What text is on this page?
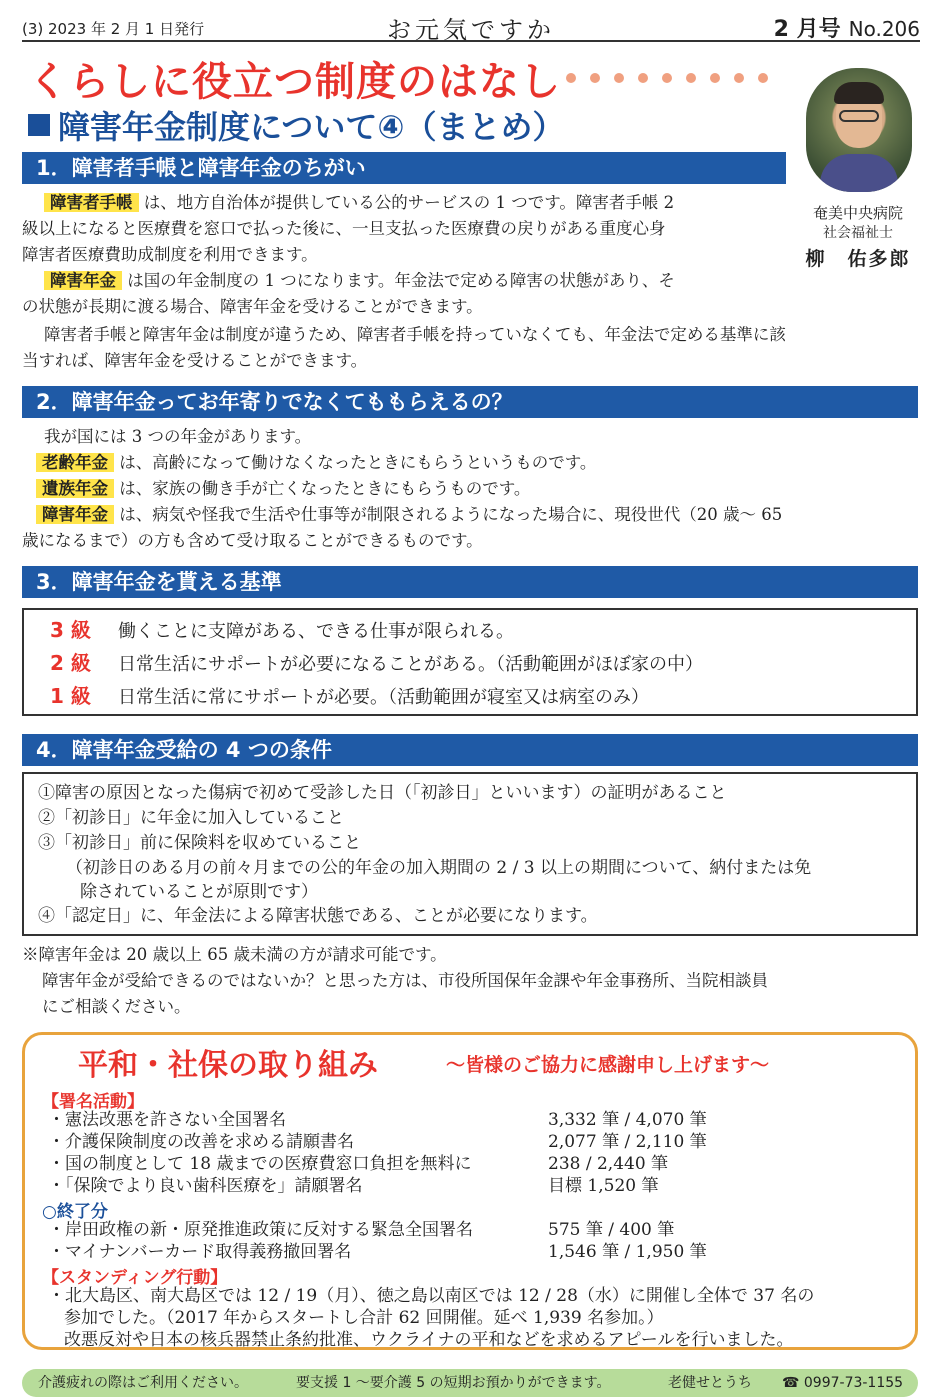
(3) 2023 年 2 月 1 日発行	お元気ですか	2 月号 No.206
くらしに役立つ制度のはなし
障害年金制度について④（まとめ）
奄美中央病院
社会福祉士
柳　佑多郎
1．障害者手帳と障害年金のちがい
障害者手帳 は、地方自治体が提供している公的サービスの 1 つです。障害者手帳 2
級以上になると医療費を窓口で払った後に、一旦支払った医療費の戻りがある重度心身
障害者医療費助成制度を利用できます。
障害年金 は国の年金制度の 1 つになります。年金法で定める障害の状態があり、そ
の状態が長期に渡る場合、障害年金を受けることができます。
障害者手帳と障害年金は制度が違うため、障害者手帳を持っていなくても、年金法で定める基準に該
当すれば、障害年金を受けることができます。
2．障害年金ってお年寄りでなくてももらえるの？
我が国には 3 つの年金があります。
老齢年金 は、高齢になって働けなくなったときにもらうというものです。
遺族年金 は、家族の働き手が亡くなったときにもらうものです。
障害年金 は、病気や怪我で生活や仕事等が制限されるようになった場合に、現役世代（20 歳～ 65
歳になるまで）の方も含めて受け取ることができるものです。
3．障害年金を貰える基準
3 級 働くことに支障がある、できる仕事が限られる。
2 級 日常生活にサポートが必要になることがある。（活動範囲がほぼ家の中）
1 級 日常生活に常にサポートが必要。（活動範囲が寝室又は病室のみ）
4．障害年金受給の 4 つの条件
①障害の原因となった傷病で初めて受診した日（「初診日」といいます）の証明があること
②「初診日」に年金に加入していること
③「初診日」前に保険料を収めていること
（初診日のある月の前々月までの公的年金の加入期間の 2 / 3 以上の期間について、納付または免
除されていることが原則です）
④「認定日」に、年金法による障害状態である、ことが必要になります。
※障害年金は 20 歳以上 65 歳未満の方が請求可能です。
障害年金が受給できるのではないか？と思った方は、市役所国保年金課や年金事務所、当院相談員
にご相談ください。
平和・社保の取り組み	～皆様のご協力に感謝申し上げます～
【署名活動】
・憲法改悪を許さない全国署名	3,332 筆 / 4,070 筆
・介護保険制度の改善を求める請願書名	2,077 筆 / 2,110 筆
・国の制度として 18 歳までの医療費窓口負担を無料に	238 / 2,440 筆
・「保険でより良い歯科医療を」請願署名	目標 1,520 筆
○終了分
・岸田政権の新・原発推進政策に反対する緊急全国署名	575 筆 / 400 筆
・マイナンバーカード取得義務撤回署名	1,546 筆 / 1,950 筆
【スタンディング行動】
・北大島区、南大島区では 12 / 19（月）、徳之島以南区では 12 / 28（水）に開催し全体で 37 名の
参加でした。（2017 年からスタートし合計 62 回開催。延べ 1,939 名参加。）
改悪反対や日本の核兵器禁止条約批准、ウクライナの平和などを求めるアピールを行いました。
介護疲れの際はご利用ください。	要支援 1 ～要介護 5 の短期お預かりができます。	老健せとうち ☎ 0997-73-1155
